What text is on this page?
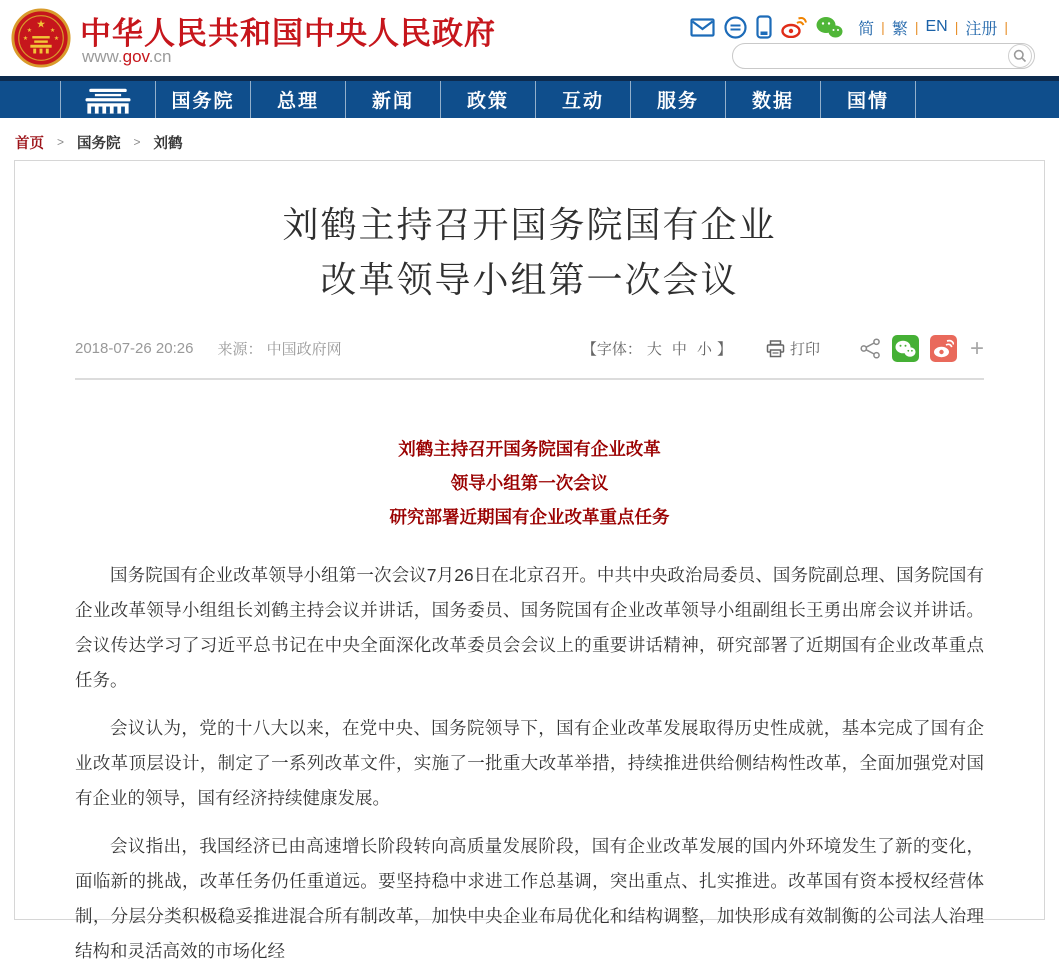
★
★	★
★	★ 中华人民共和国中央人民政府
www.gov.cn
简 | 繁 | EN | 注册 |
国务院 总理	新闻	政策	互动	服务	数据	国情
首页 > 国务院 > 刘鹤
刘鹤主持召开国务院国有企业
改革领导小组第一次会议
2018-07-26 20:26 来源： 中国政府网	【字体： 大 中 小 】	打印	+
刘鹤主持召开国务院国有企业改革
领导小组第一次会议
研究部署近期国有企业改革重点任务

国务院国有企业改革领导小组第一次会议7月26日在北京召开。中共中央政治局委员、国务院副总理、国务院国有企业改革领导小组组长刘鹤主持会议并讲话，国务委员、国务院国有企业改革领导小组副组长王勇出席会议并讲话。会议传达学习了习近平总书记在中央全面深化改革委员会会议上的重要讲话精神，研究部署了近期国有企业改革重点任务。

会议认为，党的十八大以来，在党中央、国务院领导下，国有企业改革发展取得历史性成就，基本完成了国有企业改革顶层设计，制定了一系列改革文件，实施了一批重大改革举措，持续推进供给侧结构性改革，全面加强党对国有企业的领导，国有经济持续健康发展。

会议指出，我国经济已由高速增长阶段转向高质量发展阶段，国有企业改革发展的国内外环境发生了新的变化，面临新的挑战，改革任务仍任重道远。要坚持稳中求进工作总基调，突出重点、扎实推进。改革国有资本授权经营体制，分层分类积极稳妥推进混合所有制改革，加快中央企业布局优化和结构调整，加快形成有效制衡的公司法人治理结构和灵活高效的市场化经
